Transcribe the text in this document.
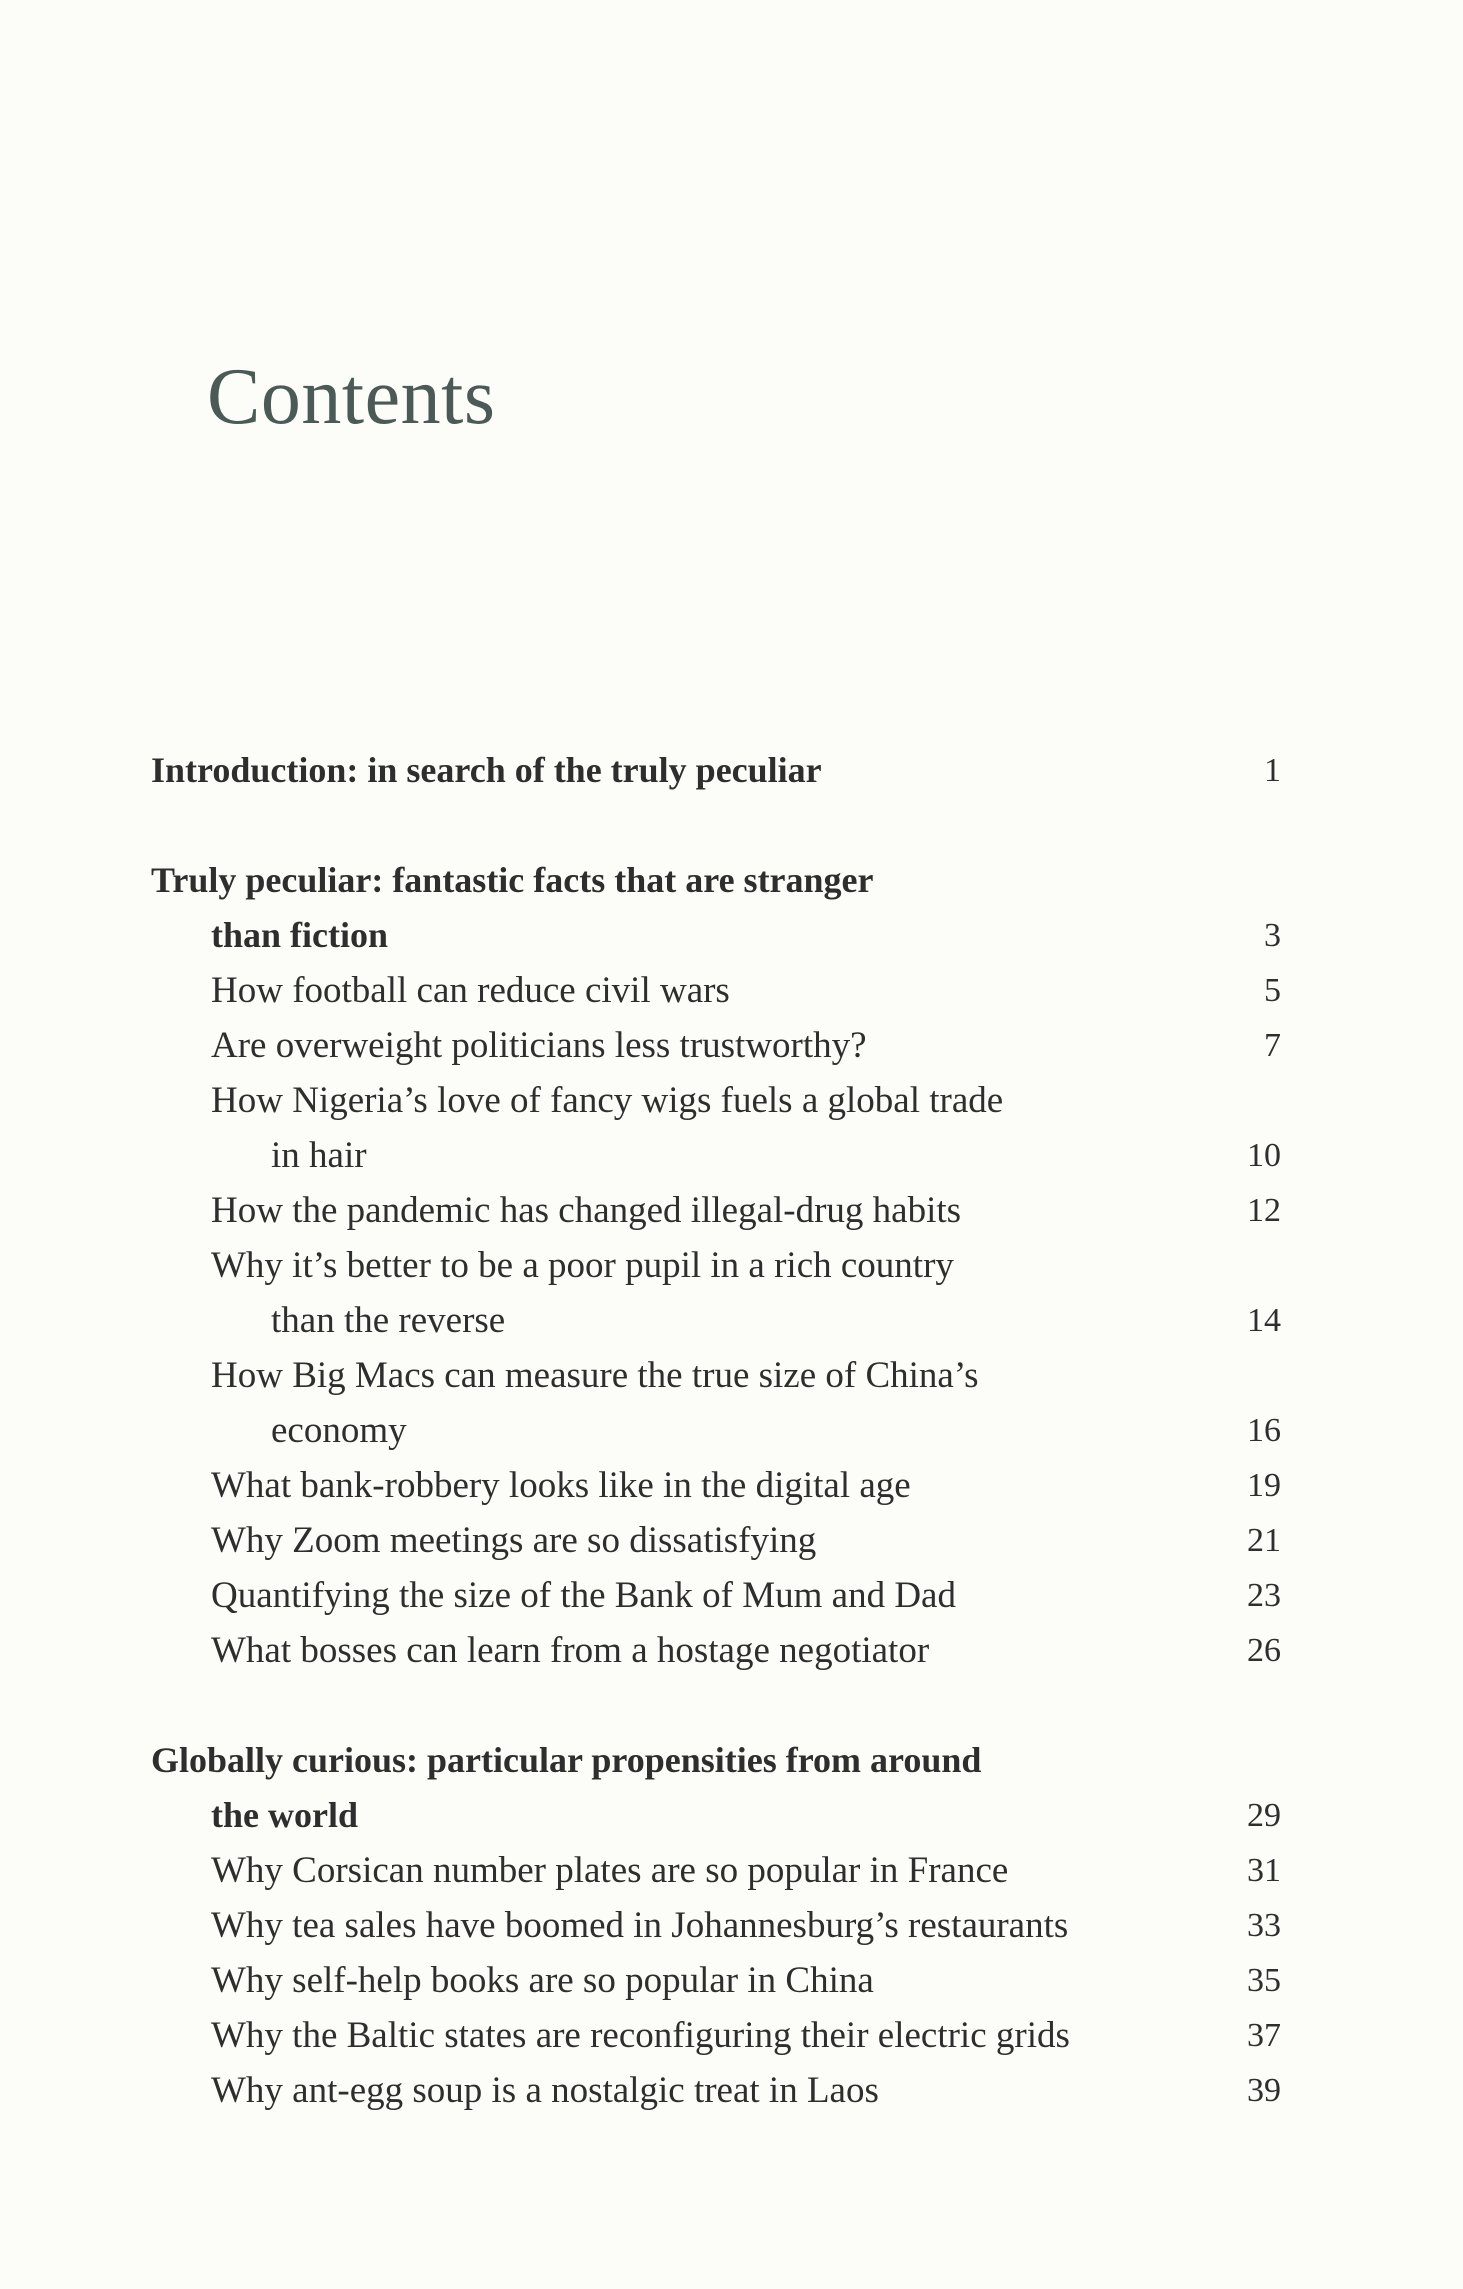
Contents
Introduction: in search of the truly peculiar	1
Truly peculiar: fantastic facts that are stranger
than fiction	3
How football can reduce civil wars	5
Are overweight politicians less trustworthy?	7
How Nigeria’s love of fancy wigs fuels a global trade
in hair	10
How the pandemic has changed illegal-drug habits	12
Why it’s better to be a poor pupil in a rich country
than the reverse	14
How Big Macs can measure the true size of China’s
economy	16
What bank-robbery looks like in the digital age	19
Why Zoom meetings are so dissatisfying	21
Quantifying the size of the Bank of Mum and Dad	23
What bosses can learn from a hostage negotiator	26
Globally curious: particular propensities from around
the world	29
Why Corsican number plates are so popular in France	31
Why tea sales have boomed in Johannesburg’s restaurants	33
Why self-help books are so popular in China	35
Why the Baltic states are reconfiguring their electric grids	37
Why ant-egg soup is a nostalgic treat in Laos	39
